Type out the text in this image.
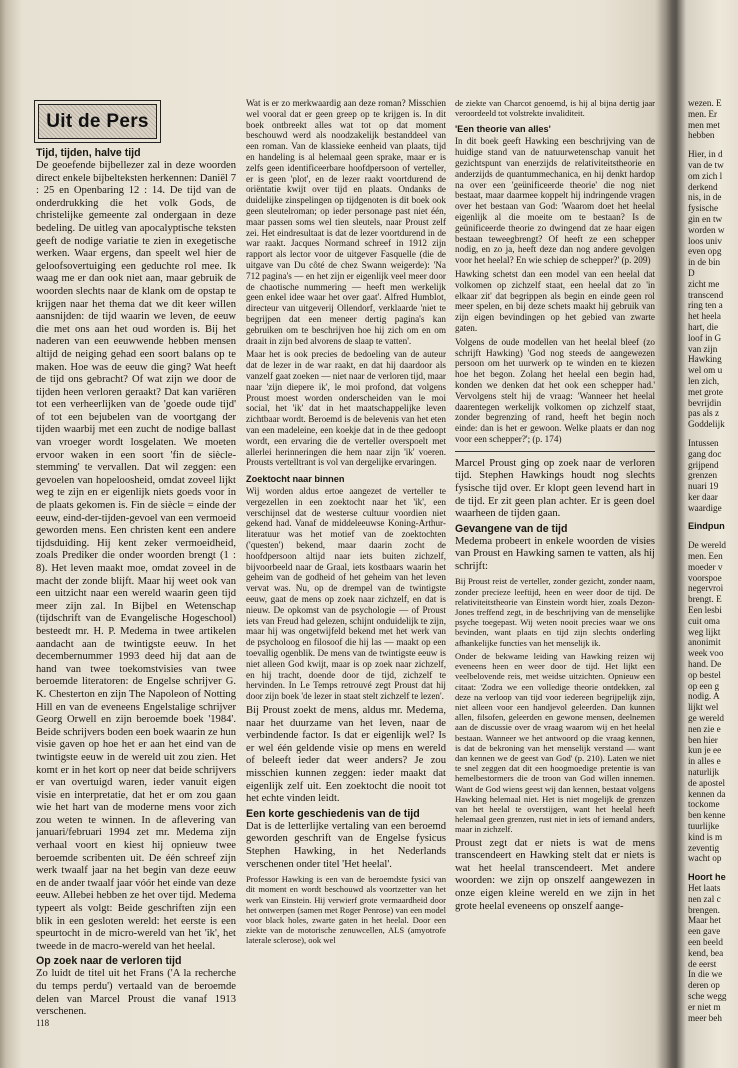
Uit de Pers
Tijd, tijden, halve tijd

De geoefende bijbellezer zal in deze woorden direct enkele bijbelteksten herkennen: Daniël 7 : 25 en Openbaring 12 : 14. De tijd van de onderdrukking die het volk Gods, de christelijke gemeente zal ondergaan in deze bedeling. De uitleg van apocalyptische teksten geeft de nodige variatie te zien in exegetische werken. Waar ergens, dan speelt wel hier de geloofsovertuiging een geduchte rol mee. Ik waag me er dan ook niet aan, maar gebruik de woorden slechts naar de klank om de opstap te krijgen naar het thema dat we dit keer willen aansnijden: de tijd waarin we leven, de eeuw die met ons aan het oud worden is. Bij het naderen van een eeuwwende hebben mensen altijd de neiging gehad een soort balans op te maken. Hoe was de eeuw die ging? Wat heeft de tijd ons gebracht? Of wat zijn we door de tijden heen verloren geraakt? Dat kan variëren tot een verheerlijken van de 'goede oude tijd' of tot een bejubelen van de voortgang der tijden waarbij met een zucht de nodige ballast van vroeger wordt losgelaten. We moeten ervoor waken in een soort 'fin de siècle-stemming' te vervallen. Dat wil zeggen: een gevoelen van hopeloosheid, omdat zoveel lijkt weg te zijn en er eigenlijk niets goeds voor in de plaats gekomen is. Fin de siècle = einde der eeuw, eind-der-tijden-gevoel van een vermoeid geworden mens. Een christen kent een andere tijdsduiding. Hij kent zeker vermoeidheid, zoals Prediker die onder woorden brengt (1 : 8). Het leven maakt moe, omdat zoveel in de macht der zonde blijft. Maar hij weet ook van een uitzicht naar een wereld waarin geen tijd meer zijn zal. In Bijbel en Wetenschap (tijdschrift van de Evangelische Hogeschool) besteedt mr. H. P. Medema in twee artikelen aandacht aan de twintigste eeuw. In het decembernummer 1993 deed hij dat aan de hand van twee toekomstvisies van twee beroemde literatoren: de Engelse schrijver G. K. Chesterton en zijn The Napoleon of Notting Hill en van de eveneens Engelstalige schrijver Georg Orwell en zijn beroemde boek '1984'. Beide schrijvers boden een boek waarin ze hun visie gaven op hoe het er aan het eind van de twintigste eeuw in de wereld uit zou zien. Het komt er in het kort op neer dat beide schrijvers er van overtuigd waren, ieder vanuit eigen visie en interpretatie, dat het er om zou gaan wie het hart van de moderne mens voor zich zou weten te winnen. In de aflevering van januari/februari 1994 zet mr. Medema zijn verhaal voort en kiest hij opnieuw twee beroemde scribenten uit. De één schreef zijn werk twaalf jaar na het begin van deze eeuw en de ander twaalf jaar vóór het einde van deze eeuw. Allebei hebben ze het over tijd. Medema typeert als volgt: Beide geschriften zijn een blik in een gesloten wereld: het eerste is een speurtocht in de micro-wereld van het 'ik', het tweede in de macro-wereld van het heelal.

Op zoek naar de verloren tijd

Zo luidt de titel uit het Frans ('A la recherche du temps perdu') vertaald van de beroemde delen van Marcel Proust die vanaf 1913 verschenen.

Wat is er zo merkwaardig aan deze roman? Misschien wel vooral dat er geen greep op te krijgen is. In dit boek ontbreekt alles wat tot op dat moment beschouwd werd als noodzakelijk bestanddeel van een roman. Van de klassieke eenheid van plaats, tijd en handeling is al helemaal geen sprake, maar er is zelfs geen identificeerbare hoofdpersoon of verteller, er is geen 'plot', en de lezer raakt voortdurend de oriëntatie kwijt over tijd en plaats. Ondanks de duidelijke zinspelingen op tijdgenoten is dit boek ook geen sleutelroman; op ieder personage past niet één, maar passen soms wel tien sleutels, naar Proust zelf zei. Het eindresultaat is dat de lezer voortdurend in de war raakt. Jacques Normand schreef in 1912 zijn rapport als lector voor de uitgever Fasquelle (die de uitgave van Du côté de chez Swann weigerde): 'Na 712 pagina's — en het zijn er eigenlijk veel meer door de chaotische nummering — heeft men werkelijk geen enkel idee waar het over gaat'. Alfred Humblot, directeur van uitgeverij Ollendorf, verklaarde 'niet te begrijpen dat een meneer dertig pagina's kan gebruiken om te beschrijven hoe hij zich om en om draait in zijn bed alvorens de slaap te vatten'.

Maar het is ook precies de bedoeling van de auteur dat de lezer in de war raakt, en dat hij daardoor als vanzelf gaat zoeken — niet naar de verloren tijd, maar naar 'zijn diepere ik', le moi profond, dat volgens Proust moest worden onderscheiden van le moi social, het 'ik' dat in het maatschappelijke leven zichtbaar wordt. Beroemd is de belevenis van het eten van een madeleine, een koekje dat in de thee gedoopt wordt, een ervaring die de verteller overspoelt met allerlei herinneringen die hem naar zijn 'ik' voeren. Prousts vertelltrant is vol van dergelijke ervaringen.

Zoektocht naar binnen

Wij worden aldus ertoe aangezet de verteller te vergezellen in een zoektocht naar het 'ik', een verschijnsel dat de westerse cultuur voordien niet gekend had. Vanaf de middeleeuwse Koning-Arthur-literatuur was het motief van de zoektochten ('questen') bekend, maar daarin zocht de hoofdpersoon altijd naar iets buiten zichzelf, bijvoorbeeld naar de Graal, iets kostbaars waarin het geheim van de godheid of het geheim van het leven vervat was. Nu, op de drempel van de twintigste eeuw, gaat de mens op zoek naar zichzelf, en dat is nieuw. De opkomst van de psychologie — of Proust iets van Freud had gelezen, schijnt onduidelijk te zijn, maar hij was ongetwijfeld bekend met het werk van de psycholoog en filosoof die hij las — maakt op een toevallig ogenblik. De mens van de twintigste eeuw is niet alleen God kwijt, maar is op zoek naar zichzelf, en hij tracht, doende door de tijd, zichzelf te hervinden. In Le Temps retrouvé zegt Proust dat hij door zijn boek 'de lezer in staat stelt zichzelf te lezen'.

Bij Proust zoekt de mens, aldus mr. Medema, naar het duurzame van het leven, naar de verbindende factor. Is dat er eigenlijk wel? Is er wel één geldende visie op mens en wereld of beleeft ieder dat weer anders? Je zou misschien kunnen zeggen: ieder maakt dat eigenlijk zelf uit. Een zoektocht die nooit tot het echte vinden leidt.

Een korte geschiedenis van de tijd

Dat is de letterlijke vertaling van een beroemd geworden geschrift van de Engelse fysicus Stephen Hawking, in het Nederlands verschenen onder titel 'Het heelal'.

Professor Hawking is een van de beroemdste fysici van dit moment en wordt beschouwd als voortzetter van het werk van Einstein. Hij verwierf grote vermaardheid door het ontwerpen (samen met Roger Penrose) van een model voor black holes, zwarte gaten in het heelal. Door een ziekte van de motorische zenuwcellen, ALS (amyotrofe laterale sclerose), ook wel

de ziekte van Charcot genoemd, is hij al bijna dertig jaar veroordeeld tot volstrekte invaliditeit.

'Een theorie van alles'

In dit boek geeft Hawking een beschrijving van de huidige stand van de natuurwetenschap vanuit het gezichtspunt van enerzijds de relativiteitstheorie en anderzijds de quantummechanica, en hij denkt hardop na over een 'geünificeerde theorie' die nog niet bestaat, maar daarmee koppelt hij indringende vragen over het bestaan van God: 'Waarom doet het heelal eigenlijk al die moeite om te bestaan? Is de geünificeerde theorie zo dwingend dat ze haar eigen bestaan teweegbrengt? Of heeft ze een schepper nodig, en zo ja, heeft deze dan nog andere gevolgen voor het heelal? En wie schiep de schepper?' (p. 209)

Hawking schetst dan een model van een heelal dat volkomen op zichzelf staat, een heelal dat zo 'in elkaar zit' dat begrippen als begin en einde geen rol meer spelen, en bij deze schets maakt hij gebruik van zijn eigen bevindingen op het gebied van zwarte gaten.

Volgens de oude modellen van het heelal bleef (zo schrijft Hawking) 'God nog steeds de aangewezen persoon om het uurwerk op te winden en te kiezen hoe het begon. Zolang het heelal een begin had, konden we denken dat het ook een schepper had.' Vervolgens stelt hij de vraag: 'Wanneer het heelal daarentegen werkelijk volkomen op zichzelf staat, zonder begrenzing of rand, heeft het begin noch einde: dan is het er gewoon. Welke plaats er dan nog voor een schepper?'; (p. 174)

Marcel Proust ging op zoek naar de verloren tijd. Stephen Hawkings houdt nog slechts fysische tijd over. Er klopt geen levend hart in de tijd. Er zit geen plan achter. Er is geen doel waarheen de tijden gaan.

Gevangene van de tijd

Medema probeert in enkele woorden de visies van Proust en Hawking samen te vatten, als hij schrijft:

Bij Proust reist de verteller, zonder gezicht, zonder naam, zonder precieze leeftijd, heen en weer door de tijd. De relativiteitstheorie van Einstein wordt hier, zoals Dezon-Jones treffend zegt, in de beschrijving van de menselijke psyche toegepast. Wij weten nooit precies waar we ons bevinden, want plaats en tijd zijn slechts onderling afhankelijke functies van het menselijk ik.

Onder de bekwame leiding van Hawking reizen wij eveneens heen en weer door de tijd. Het lijkt een veelbelovende reis, met weidse uitzichten. Opnieuw een citaat: 'Zodra we een volledige theorie ontdekken, zal deze na verloop van tijd voor iedereen begrijpelijk zijn, niet alleen voor een handjevol geleerden. Dan kunnen allen, filsofen, geleerden en gewone mensen, deelnemen aan de discussie over de vraag waarom wij en het heelal bestaan. Wanneer we het antwoord op die vraag kennen, is dat de bekroning van het menselijk verstand — want dan kennen we de geest van God' (p. 210). Laten we niet te snel zeggen dat dit een hoogmoedige pretentie is van hemelbestormers die de troon van God willen innemen. Want de God wiens geest wij dan kennen, bestaat volgens Hawking helemaal niet. Het is niet mogelijk de grenzen van het heelal te overstijgen, want het heelal heeft helemaal geen grenzen, rust niet in iets of iemand anders, maar in zichzelf.

Proust zegt dat er niets is wat de mens transcendeert en Hawking stelt dat er niets is wat het heelal transcendeert. Met andere woorden: we zijn op onszelf aangewezen in onze eigen kleine wereld en we zijn in het grote heelal eveneens op onszelf aange-

wezen. E

men. Er

men met

hebben

Hier, in d

van de tw

om zich l

derkend

nis, in de

fysische

gin en tw

worden w

loos univ

even opg

in de bin

D

zicht me

transcend

ring ten a

het heela

hart, die

loof in G

van zijn

Hawking

wel om u

len zich,

met grote

bevrijdin

pas als z

Goddelijk

Intussen

gang doc

grijpend

grenzen

nuari 19

ker daar

waardige

Eindpun

De wereld

men. Een

moeder v

voorspoe

negervroi

brengt. E

Een lesbi

cuit oma

weg lijkt

anonimit

week voo

hand. De

op bestel

op een g

nodig. A

lijkt wel

ge wereld

nen zie e

ben hier

kun je ee

in alles e

naturlijk

de apostel

kennen da

tockome

ben kenne

tuurlijke

kind is m

zeventig

wacht op

Hoort he

Het laats

nen zal c

brengen.

Maar het

een gave

een beeld

kend, bea

de eerst

In die we

deren op

sche wegg

er niet m

meer beh

118
